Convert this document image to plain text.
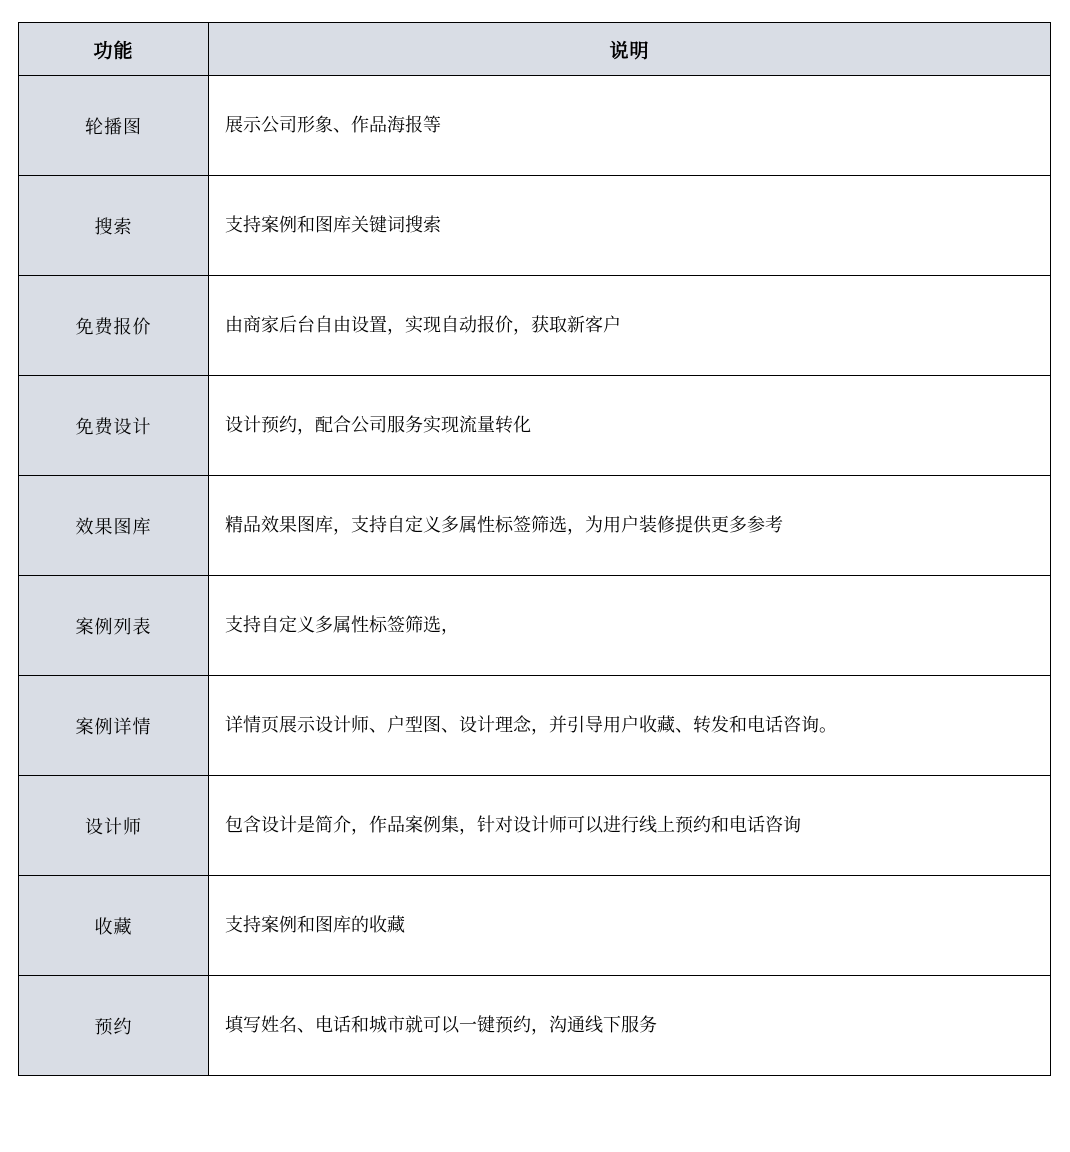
功能	说明
轮播图	展示公司形象、作品海报等
搜索	支持案例和图库关键词搜索
免费报价	由商家后台自由设置，实现自动报价，获取新客户
免费设计	设计预约，配合公司服务实现流量转化
效果图库	精品效果图库，支持自定义多属性标签筛选，为用户装修提供更多参考
案例列表	支持自定义多属性标签筛选，
案例详情	详情页展示设计师、户型图、设计理念，并引导用户收藏、转发和电话咨询。
设计师	包含设计是简介，作品案例集，针对设计师可以进行线上预约和电话咨询
收藏	支持案例和图库的收藏
预约	填写姓名、电话和城市就可以一键预约，沟通线下服务
